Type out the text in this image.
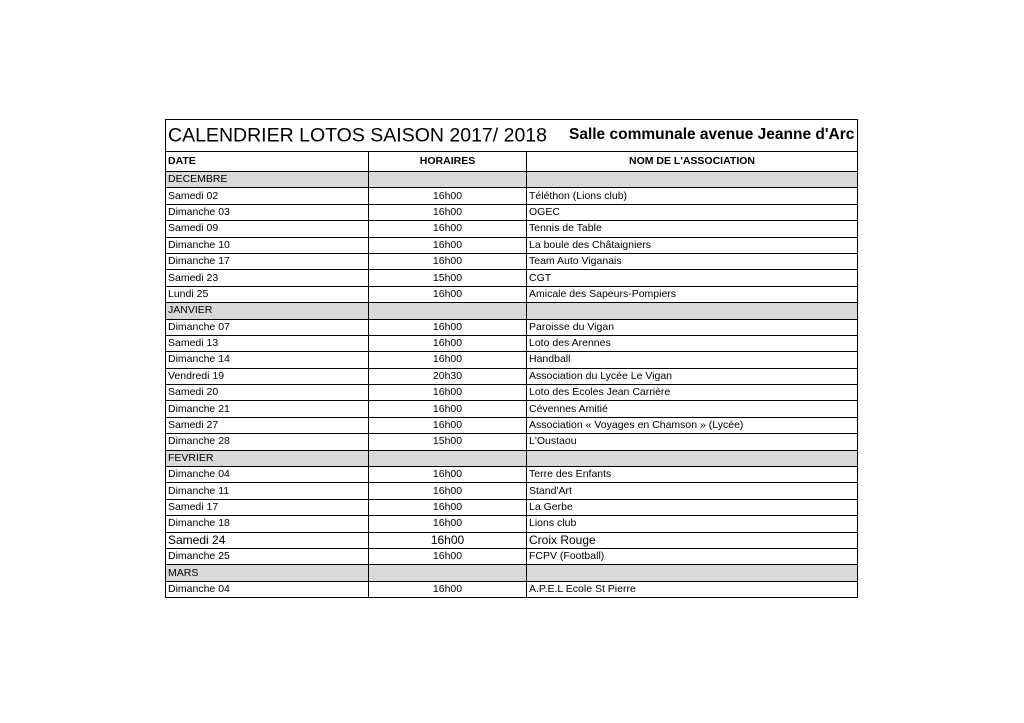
CALENDRIER LOTOS SAISON 2017/ 2018 Salle communale avenue Jeanne d'Arc		
DATE	HORAIRES	NOM DE L'ASSOCIATION
DECEMBRE		
Samedi 02	16h00	Téléthon (Lions club)
Dimanche 03	16h00	OGEC
Samedi 09	16h00	Tennis de Table
Dimanche 10	16h00	La boule des Châtaigniers
Dimanche 17	16h00	Team Auto Viganais
Samedi 23	15h00	CGT
Lundi 25	16h00	Amicale des Sapeurs-Pompiers
JANVIER		
Dimanche 07	16h00	Paroisse du Vigan
Samedi 13	16h00	Loto des Arennes
Dimanche 14	16h00	Handball
Vendredi 19	20h30	Association du Lycée Le Vigan
Samedi 20	16h00	Loto des Ecoles Jean Carrière
Dimanche 21	16h00	Cévennes Amitié
Samedi 27	16h00	Association « Voyages en Chamson » (Lycée)
Dimanche 28	15h00	L'Oustaou
FEVRIER		
Dimanche 04	16h00	Terre des Enfants
Dimanche 11	16h00	Stand'Art
Samedi 17	16h00	La Gerbe
Dimanche 18	16h00	Lions club
Samedi 24	16h00	Croix Rouge
Dimanche 25	16h00	FCPV (Football)
MARS		
Dimanche 04	16h00	A.P.E.L Ecole St Pierre
